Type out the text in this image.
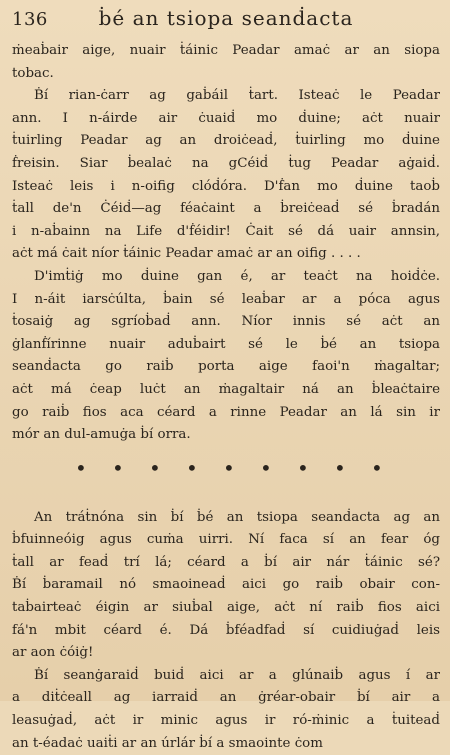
136	ḃé an tsiopa seanḋacta

ṁeaḃair aige, nuair ṫáinic Peadar amaċ ar an siopa
tobac.

Ḃí rian-ċarr ag gaḃáil ṫart. Isteaċ le Peadar
ann. I n-áirde air ċuaiḋ mo ḋuine; aċt nuair
ṫuirling Peadar ag an droiċeaḋ, ṫuirling mo ḋuine
ḟreisin. Siar ḃealaċ na gCéiḋ ṫug Peadar aġaiḋ.
Isteaċ leis i n-oifig clóḋóra. D'ḟan mo ḋuine taoḃ
ṫall de'n Ċéiḋ—ag féaċaint a ḃreiċeaḋ sé ḃradán
i n-aḃainn na Life d'ḟéidir! Ċait sé dá uair annsin,
aċt má ċait níor ṫáinic Peadar amaċ ar an oifig . . . .

D'imṫiġ mo ḋuine gan é, ar teaċt na hoiḋċe.
I n-áit iarsċúlta, ḃain sé leaḃar ar a póca agus
ṫosaiġ ag sgríoḃaḋ ann. Níor innis sé aċt an
ġlanḟírinne nuair aduḃairt sé le ḃé an tsiopa
seanḋacta go raiḃ porta aige faoi'n ṁagaltar;
aċt má ċeap luċt an ṁagaltair ná an ḃleaċtaire
go raiḃ fios aca céard a rinne Peadar an lá sin ir
mór an dul-amuġa ḃí orra.

• • • • • • • • •

An tráṫnóna sin ḃí ḃé an tsiopa seanḋacta ag an
ḃfuinneóig agus cuṁa uirri. Ní faca sí an fear óg
ṫall ar feaḋ trí lá; céard a ḃí air nár ṫáinic sé?
Ḃí ḃaramail nó smaoineaḋ aici go raiḃ obair con-
taḃairteaċ éigin ar siuḃal aige, aċt ní raiḃ fios aici
fá'n mbit céard é. Dá ḃféadfaḋ sí cuidiuġaḋ leis
ar aon ċóiġ!

Ḃí seanġaraiḋ buiḋ aici ar a glúnaiḃ agus í ar
a diṫċeall ag iarraiḋ an ġréar-obair ḃí air a
leasuġaḋ, aċt ir minic agus ir ró-ṁinic a ṫuiteaḋ
an t-éadaċ uaiṫi ar an úrlár ḃí a smaointe ċom
